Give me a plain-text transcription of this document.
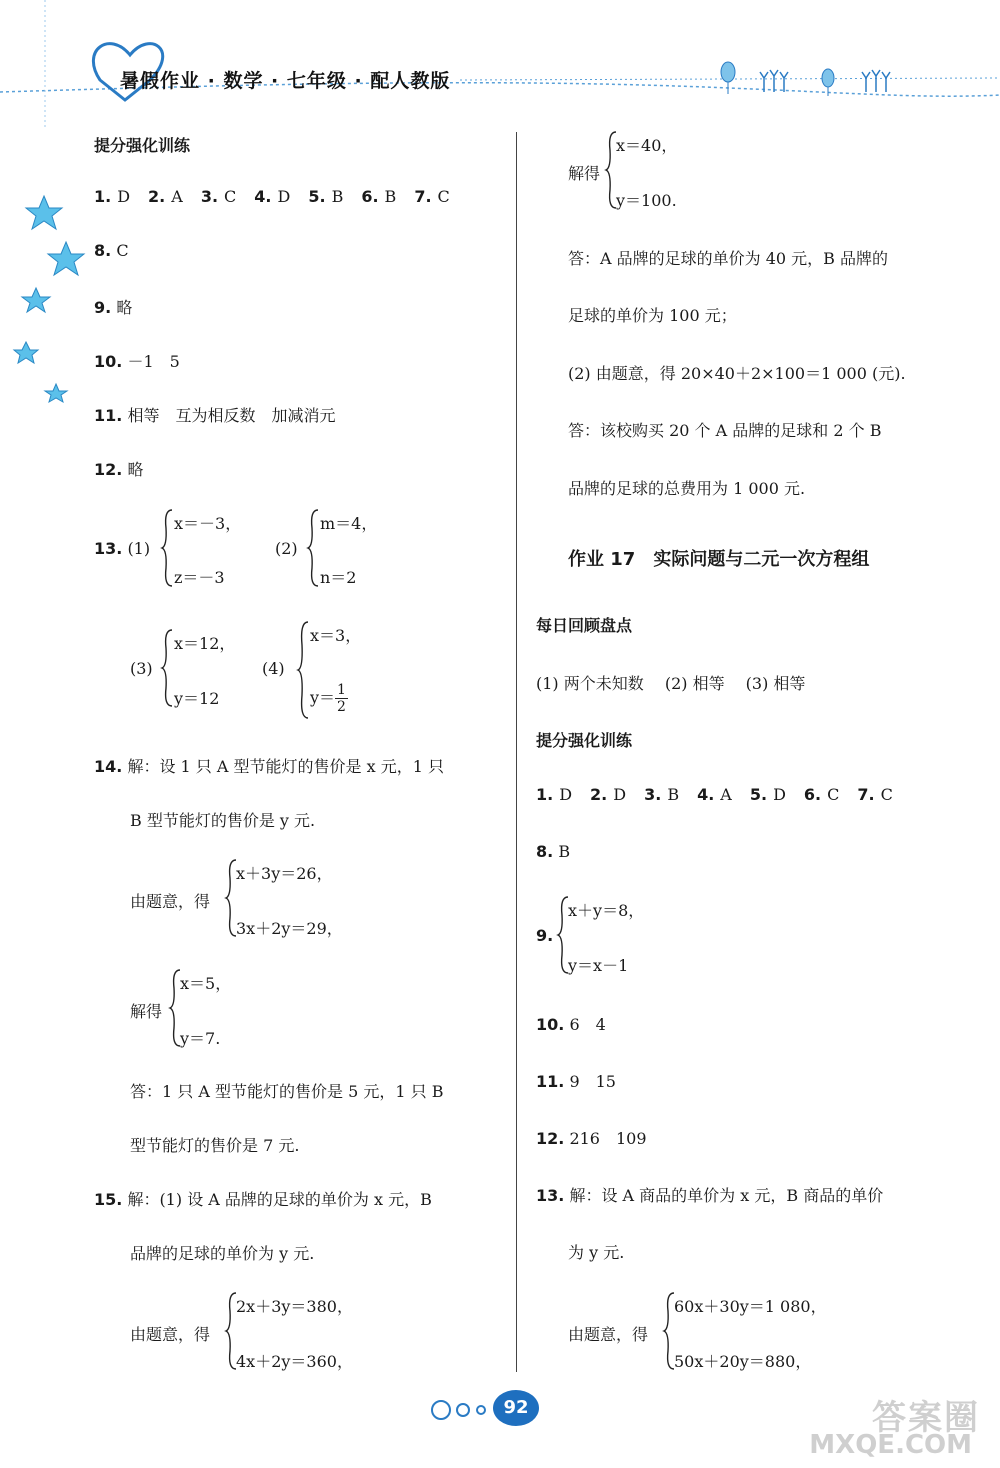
暑假作业 · 数学 · 七年级 · 配人教版
提分强化训练
1. D 2. A 3. C 4. D 5. B 6. B 7. C
8. C
9. 略
10. －1　5
11. 相等　互为相反数　加减消元
12. 略
13. (1)
x＝－3，
z＝－3
(2)
m＝4，
n＝2
(3)
x＝12，
y＝12
(4)
x＝3，
$y= \frac{1}{2}$
14. 解：设 1 只 A 型节能灯的售价是 x 元，1 只
B 型节能灯的售价是 y 元.
由题意，得
x＋3y＝26，
3x＋2y＝29，
解得
x＝5，
y＝7.
答：1 只 A 型节能灯的售价是 5 元，1 只 B
型节能灯的售价是 7 元.
15. 解：(1) 设 A 品牌的足球的单价为 x 元，B
品牌的足球的单价为 y 元.
由题意，得
2x＋3y＝380，
4x＋2y＝360，
解得
x＝40，
y＝100.
答：A 品牌的足球的单价为 40 元，B 品牌的
足球的单价为 100 元；
(2) 由题意，得 20×40＋2×100＝1 000 (元).
答：该校购买 20 个 A 品牌的足球和 2 个 B
品牌的足球的总费用为 1 000 元.
作业 17　实际问题与二元一次方程组
每日回顾盘点
(1) 两个未知数　 (2) 相等　 (3) 相等
提分强化训练
1. D 2. D 3. B 4. A 5. D 6. C 7. C
8. B
9.
x＋y＝8，
y＝x－1
10. 6　4
11. 9　15
12. 216　109
13. 解：设 A 商品的单价为 x 元，B 商品的单价
为 y 元.
由题意，得
60x＋30y＝1 080，
50x＋20y＝880，
92	答案圈
MXQE.COM
